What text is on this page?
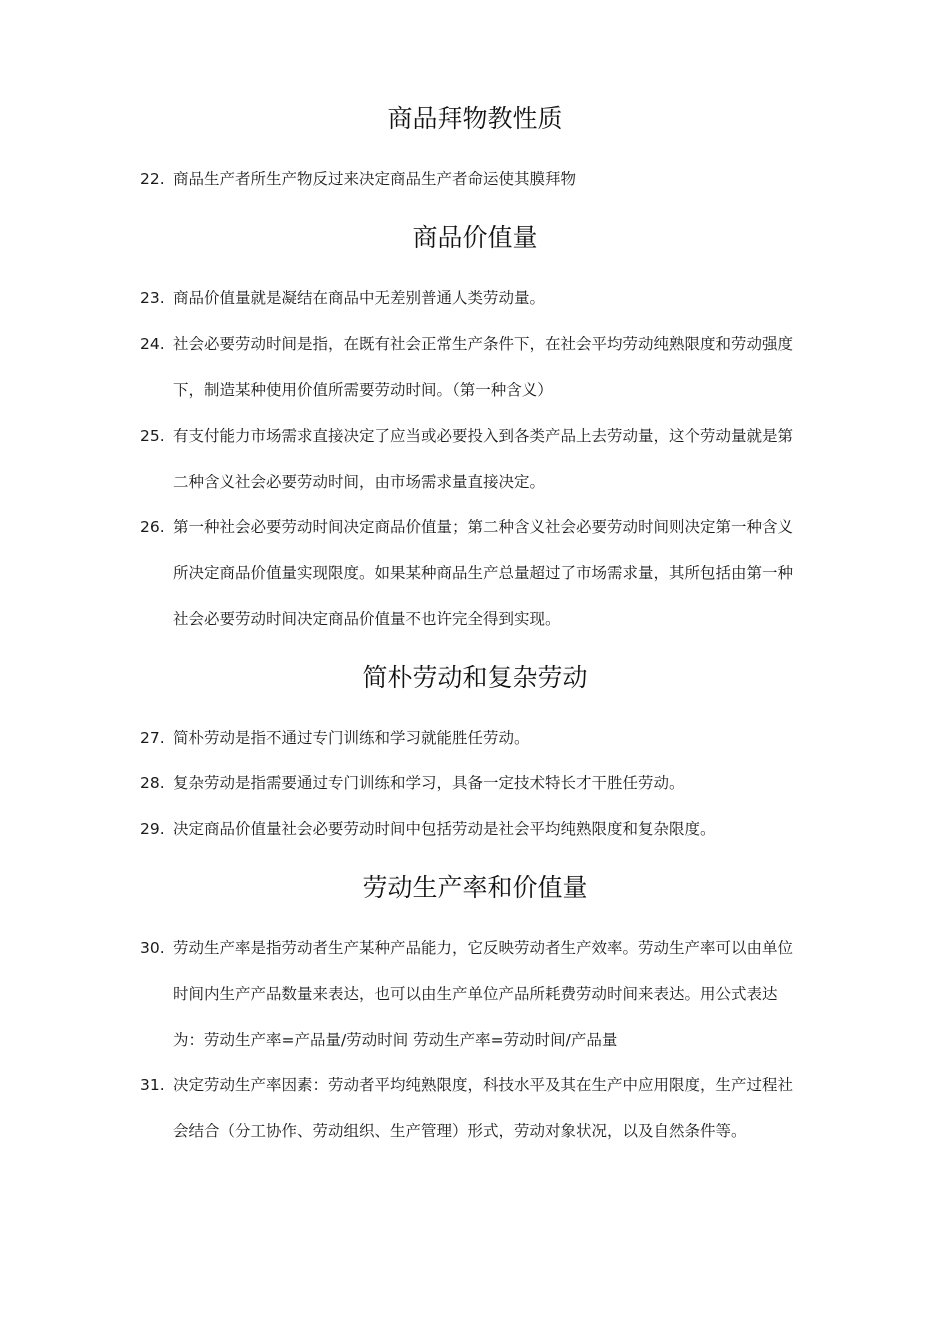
商品拜物教性质
22. 商品生产者所生产物反过来决定商品生产者命运使其膜拜物
商品价值量
23. 商品价值量就是凝结在商品中无差别普通人类劳动量。
24. 社会必要劳动时间是指，在既有社会正常生产条件下，在社会平均劳动纯熟限度和劳动强度下，制造某种使用价值所需要劳动时间。（第一种含义）
25. 有支付能力市场需求直接决定了应当或必要投入到各类产品上去劳动量，这个劳动量就是第二种含义社会必要劳动时间，由市场需求量直接决定。
26. 第一种社会必要劳动时间决定商品价值量；第二种含义社会必要劳动时间则决定第一种含义所决定商品价值量实现限度。如果某种商品生产总量超过了市场需求量，其所包括由第一种社会必要劳动时间决定商品价值量不也许完全得到实现。
简朴劳动和复杂劳动
27. 简朴劳动是指不通过专门训练和学习就能胜任劳动。
28. 复杂劳动是指需要通过专门训练和学习，具备一定技术特长才干胜任劳动。
29. 决定商品价值量社会必要劳动时间中包括劳动是社会平均纯熟限度和复杂限度。
劳动生产率和价值量
30. 劳动生产率是指劳动者生产某种产品能力，它反映劳动者生产效率。劳动生产率可以由单位时间内生产产品数量来表达，也可以由生产单位产品所耗费劳动时间来表达。用公式表达为：劳动生产率=产品量/劳动时间 劳动生产率=劳动时间/产品量
31. 决定劳动生产率因素：劳动者平均纯熟限度，科技水平及其在生产中应用限度，生产过程社会结合（分工协作、劳动组织、生产管理）形式，劳动对象状况，以及自然条件等。
